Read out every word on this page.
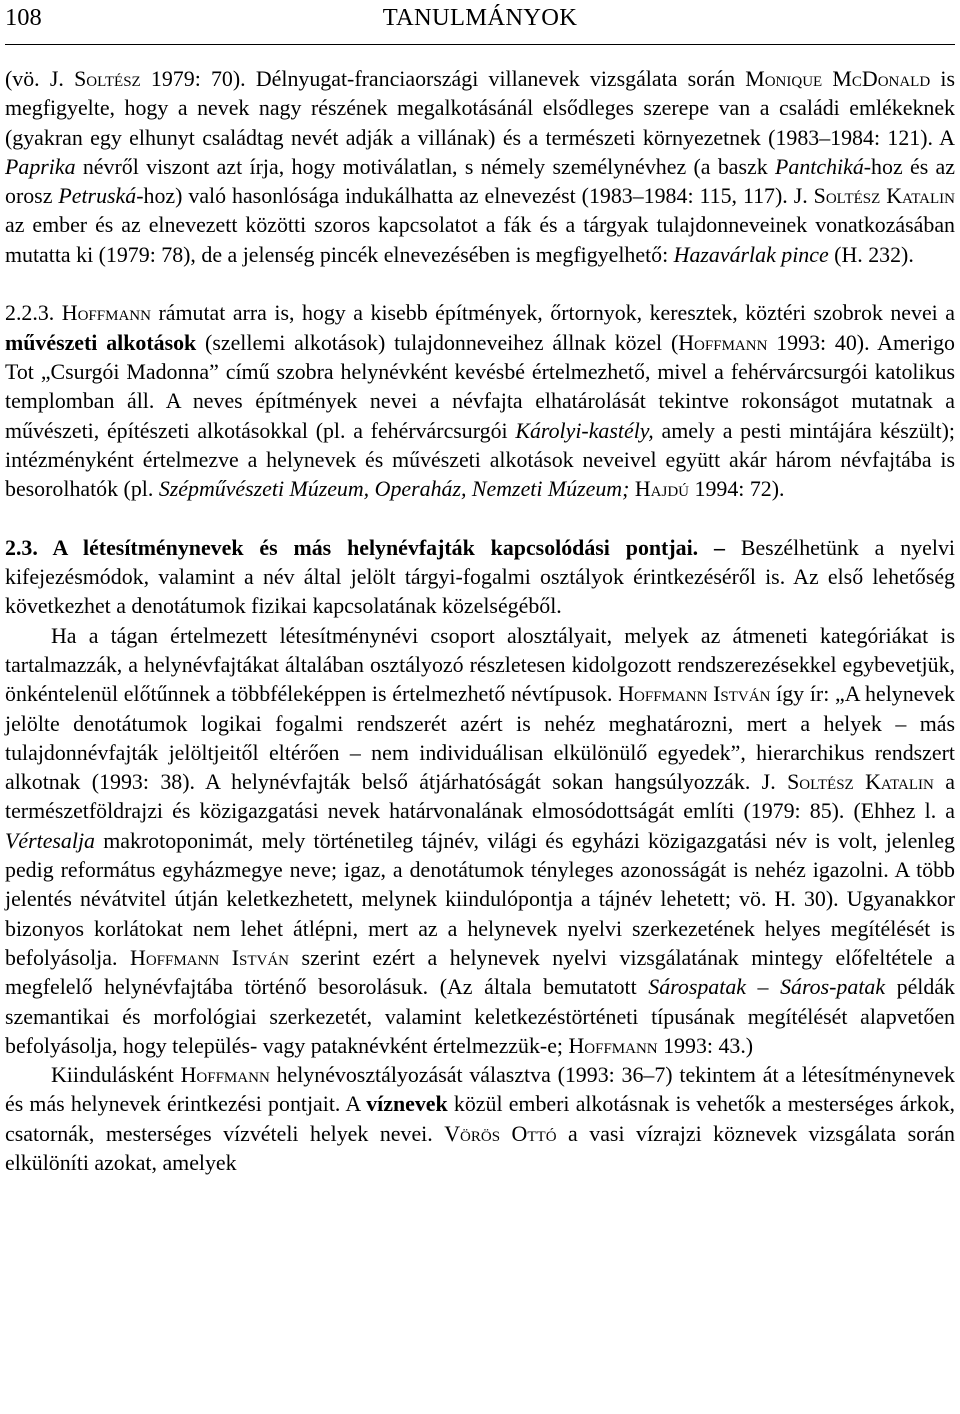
108	TANULMÁNYOK

(vö. J. Soltész 1979: 70). Délnyugat-franciaországi villanevek vizsgálata során Monique McDonald is megfigyelte, hogy a nevek nagy részének megalkotásánál elsődleges szerepe van a családi emlékeknek (gyakran egy elhunyt családtag nevét adják a villának) és a természeti környezetnek (1983–1984: 121). A Paprika névről viszont azt írja, hogy motiválatlan, s némely személynévhez (a baszk Pantchiká-hoz és az orosz Petruská-hoz) való hasonlósága indukálhatta az elnevezést (1983–1984: 115, 117). J. Soltész Katalin az ember és az elnevezett közötti szoros kapcsolatot a fák és a tárgyak tulajdonneveinek vonatkozásában mutatta ki (1979: 78), de a jelenség pincék elnevezésében is megfigyelhető: Hazavárlak pince (H. 232).

2.2.3. Hoffmann rámutat arra is, hogy a kisebb építmények, őrtornyok, keresztek, köztéri szobrok nevei a művészeti alkotások (szellemi alkotások) tulajdonneveihez állnak közel (Hoffmann 1993: 40). Amerigo Tot „Csurgói Madonna” című szobra helynévként kevésbé értelmezhető, mivel a fehérvárcsurgói katolikus templomban áll. A neves építmények nevei a névfajta elhatárolását tekintve rokonságot mutatnak a művészeti, építészeti alkotásokkal (pl. a fehérvárcsurgói Károlyi-kastély, amely a pesti mintájára készült); intézményként értelmezve a helynevek és művészeti alkotások neveivel együtt akár három névfajtába is besorolhatók (pl. Szépművészeti Múzeum, Operaház, Nemzeti Múzeum; Hajdú 1994: 72).

2.3. A létesítménynevek és más helynévfajták kapcsolódási pontjai. – Beszélhetünk a nyelvi kifejezésmódok, valamint a név által jelölt tárgyi-fogalmi osztályok érintkezéséről is. Az első lehetőség következhet a denotátumok fizikai kapcsolatának közelségéből.

Ha a tágan értelmezett létesítménynévi csoport alosztályait, melyek az átmeneti kategóriákat is tartalmazzák, a helynévfajtákat általában osztályozó részletesen kidolgozott rendszerezésekkel egybevetjük, önkéntelenül előtűnnek a többféleképpen is értelmezhető névtípusok. Hoffmann István így ír: „A helynevek jelölte denotátumok logikai fogalmi rendszerét azért is nehéz meghatározni, mert a helyek – más tulajdonnévfajták jelöltjeitől eltérően – nem individuálisan elkülönülő egyedek”, hierarchikus rendszert alkotnak (1993: 38). A helynévfajták belső átjárhatóságát sokan hangsúlyozzák. J. Soltész Katalin a természetföldrajzi és közigazgatási nevek határvonalának elmosódottságát említi (1979: 85). (Ehhez l. a Vértesalja makrotoponimát, mely történetileg tájnév, világi és egyházi közigazgatási név is volt, jelenleg pedig református egyházmegye neve; igaz, a denotátumok tényleges azonosságát is nehéz igazolni. A több jelentés névátvitel útján keletkezhetett, melynek kiindulópontja a tájnév lehetett; vö. H. 30). Ugyanakkor bizonyos korlátokat nem lehet átlépni, mert az a helynevek nyelvi szerkezetének helyes megítélését is befolyásolja. Hoffmann István szerint ezért a helynevek nyelvi vizsgálatának mintegy előfeltétele a megfelelő helynévfajtába történő besorolásuk. (Az általa bemutatott Sárospatak – Sáros-patak példák szemantikai és morfológiai szerkezetét, valamint keletkezéstörténeti típusának megítélését alapvetően befolyásolja, hogy település- vagy pataknévként értelmezzük-e; Hoffmann 1993: 43.)

Kiindulásként Hoffmann helynévosztályozását választva (1993: 36–7) tekintem át a létesítménynevek és más helynevek érintkezési pontjait. A víznevek közül emberi alkotásnak is vehetők a mesterséges árkok, csatornák, mesterséges vízvételi helyek nevei. Vörös Ottó a vasi vízrajzi köznevek vizsgálata során elkülöníti azokat, amelyek
